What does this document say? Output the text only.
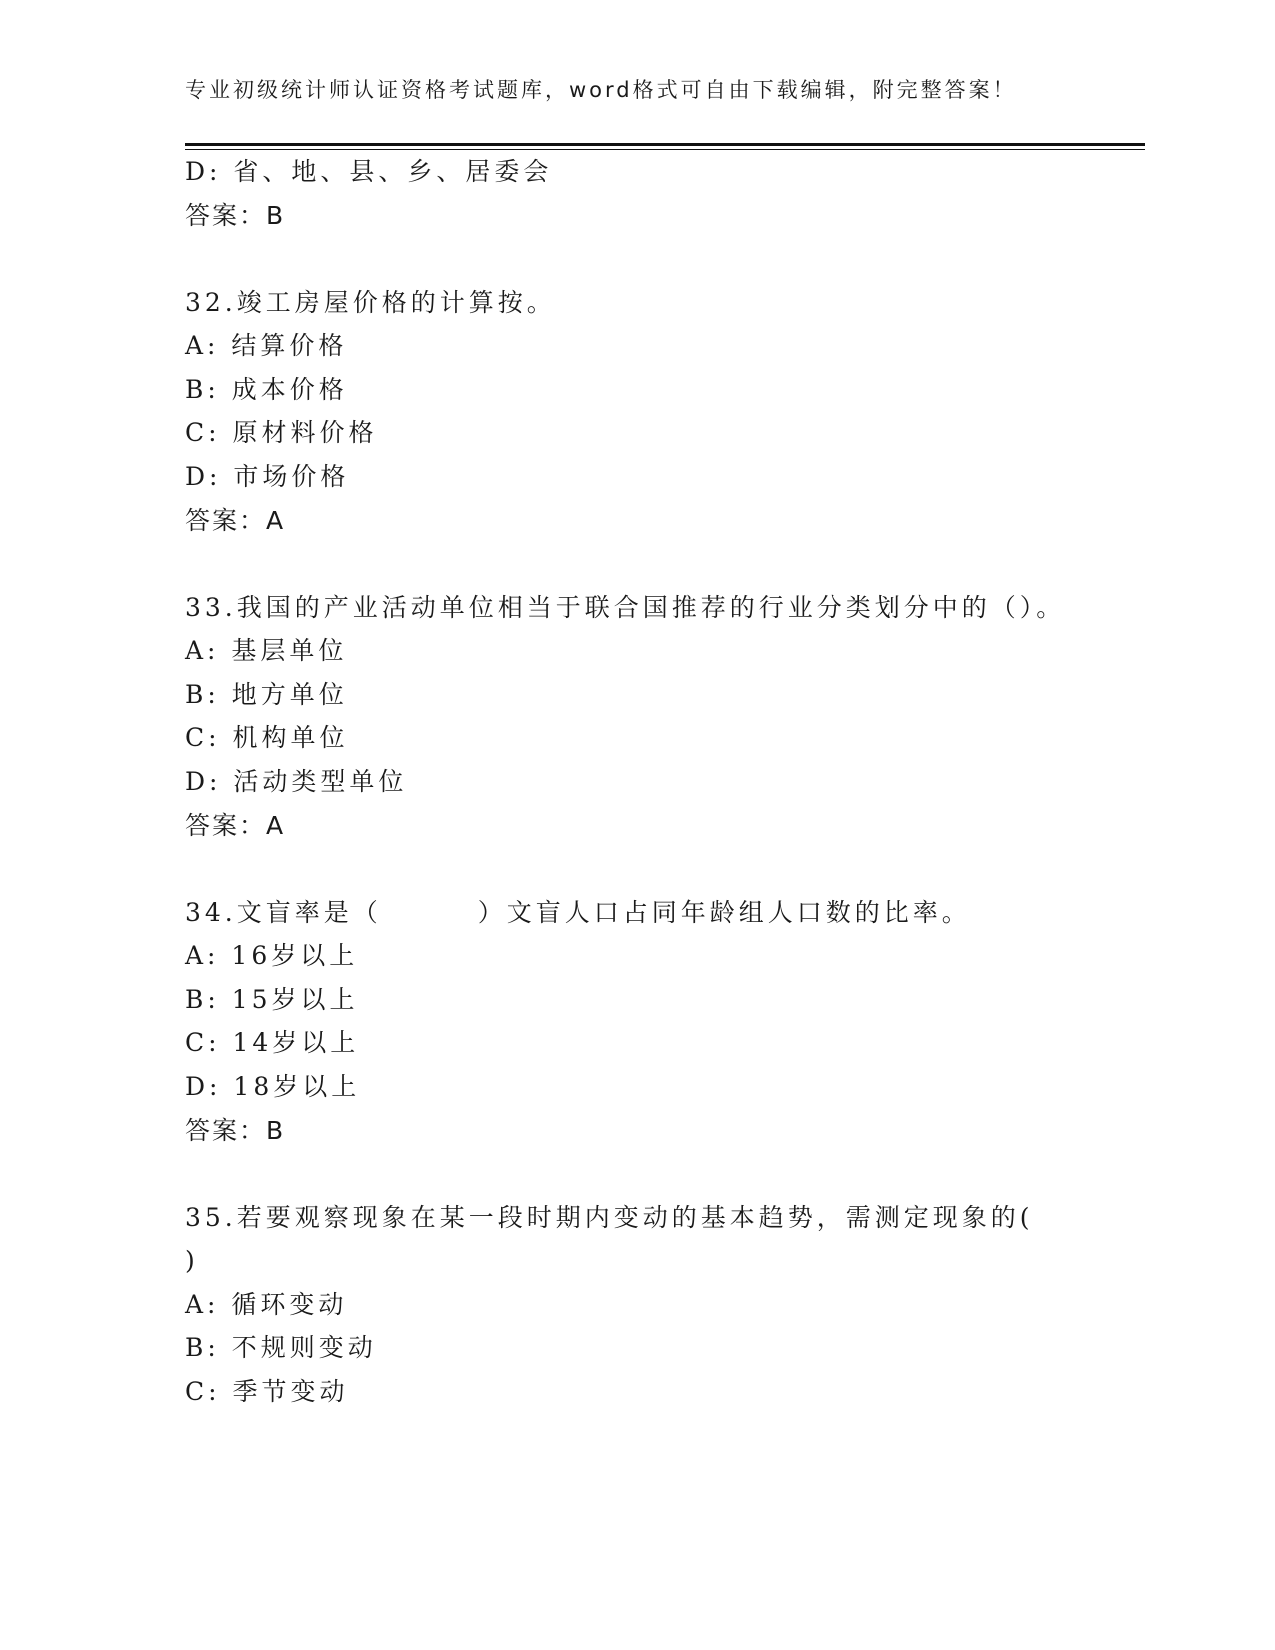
专业初级统计师认证资格考试题库，word格式可自由下载编辑，附完整答案！
D: 省、地、县、乡、居委会
答案：B
32.竣工房屋价格的计算按。
A: 结算价格
B: 成本价格
C: 原材料价格
D: 市场价格
答案：A
33.我国的产业活动单位相当于联合国推荐的行业分类划分中的（）。
A: 基层单位
B: 地方单位
C: 机构单位
D: 活动类型单位
答案：A
34.文盲率是（	）文盲人口占同年龄组人口数的比率。
A: 16岁以上
B: 15岁以上
C: 14岁以上
D: 18岁以上
答案：B
35.若要观察现象在某一段时期内变动的基本趋势，需测定现象的(
)
A: 循环变动
B: 不规则变动
C: 季节变动
